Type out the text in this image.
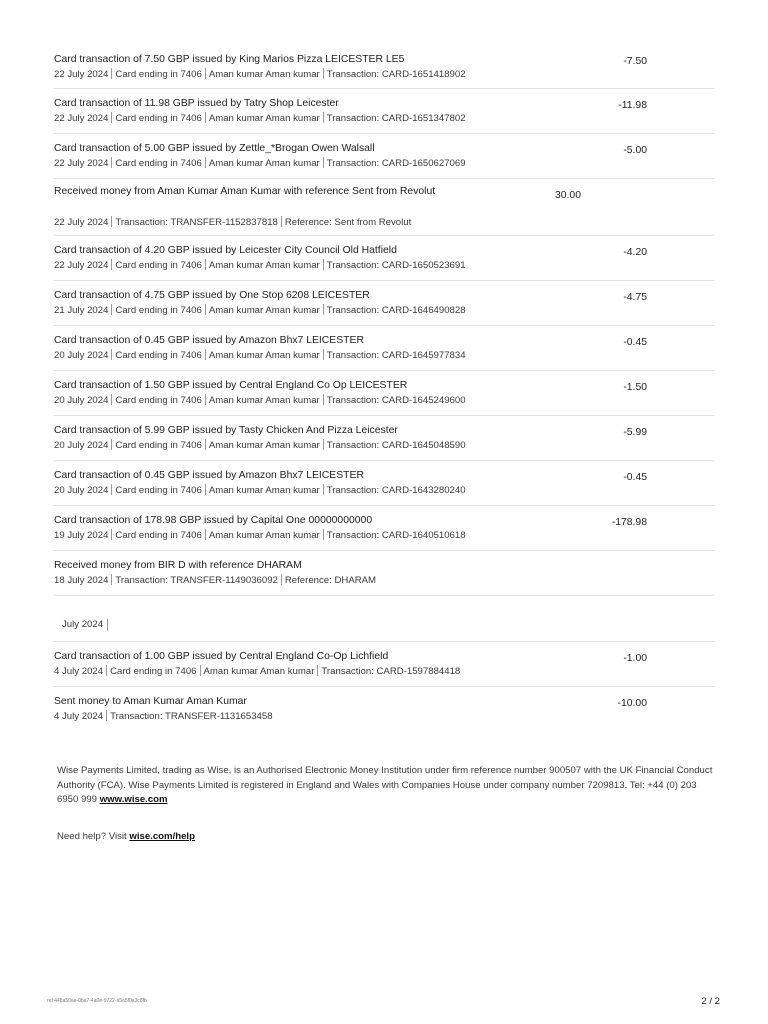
Card transaction of 7.50 GBP issued by King Marios Pizza LEICESTER LE5
22 July 2024 Card ending in 7406 Aman kumar Aman kumar Transaction: CARD-1651418902
-7.50
Card transaction of 11.98 GBP issued by Tatry Shop Leicester
22 July 2024 Card ending in 7406 Aman kumar Aman kumar Transaction: CARD-1651347802
-11.98
Card transaction of 5.00 GBP issued by Zettle_*Brogan Owen Walsall
22 July 2024 Card ending in 7406 Aman kumar Aman kumar Transaction: CARD-1650627069
-5.00
Received money from Aman Kumar Aman Kumar with reference Sent from Revolut
22 July 2024 Transaction: TRANSFER-1152837818 Reference: Sent from Revolut
30.00
Card transaction of 4.20 GBP issued by Leicester City Council Old Hatfield
22 July 2024 Card ending in 7406 Aman kumar Aman kumar Transaction: CARD-1650523691
-4.20
Card transaction of 4.75 GBP issued by One Stop 6208 LEICESTER
21 July 2024 Card ending in 7406 Aman kumar Aman kumar Transaction: CARD-1646490828
-4.75
Card transaction of 0.45 GBP issued by Amazon Bhx7 LEICESTER
20 July 2024 Card ending in 7406 Aman kumar Aman kumar Transaction: CARD-1645977834
-0.45
Card transaction of 1.50 GBP issued by Central England Co Op LEICESTER
20 July 2024 Card ending in 7406 Aman kumar Aman kumar Transaction: CARD-1645249600
-1.50
Card transaction of 5.99 GBP issued by Tasty Chicken And Pizza Leicester
20 July 2024 Card ending in 7406 Aman kumar Aman kumar Transaction: CARD-1645048590
-5.99
Card transaction of 0.45 GBP issued by Amazon Bhx7 LEICESTER
20 July 2024 Card ending in 7406 Aman kumar Aman kumar Transaction: CARD-1643280240
-0.45
Card transaction of 178.98 GBP issued by Capital One 00000000000
19 July 2024 Card ending in 7406 Aman kumar Aman kumar Transaction: CARD-1640510618
-178.98
Received money from BIR D with reference DHARAM
18 July 2024 Transaction: TRANSFER-1149036092 Reference: DHARAM
July 2024
Card transaction of 1.00 GBP issued by Central England Co-Op Lichfield
4 July 2024 Card ending in 7406 Aman kumar Aman kumar Transaction: CARD-1597884418
-1.00
Sent money to Aman Kumar Aman Kumar
4 July 2024 Transaction: TRANSFER-1131653458
-10.00
Wise Payments Limited, trading as Wise, is an Authorised Electronic Money Institution under firm reference number 900507 with the UK Financial Conduct Authority (FCA). Wise Payments Limited is registered in England and Wales with Companies House under company number 7209813. Tel: +44 (0) 203 6950 999 www.wise.com
Need help? Visit wise.com/help
ref:448a50ae-0ba7-4a0e-9722-a5a5f0a3c8fb	2 / 2
